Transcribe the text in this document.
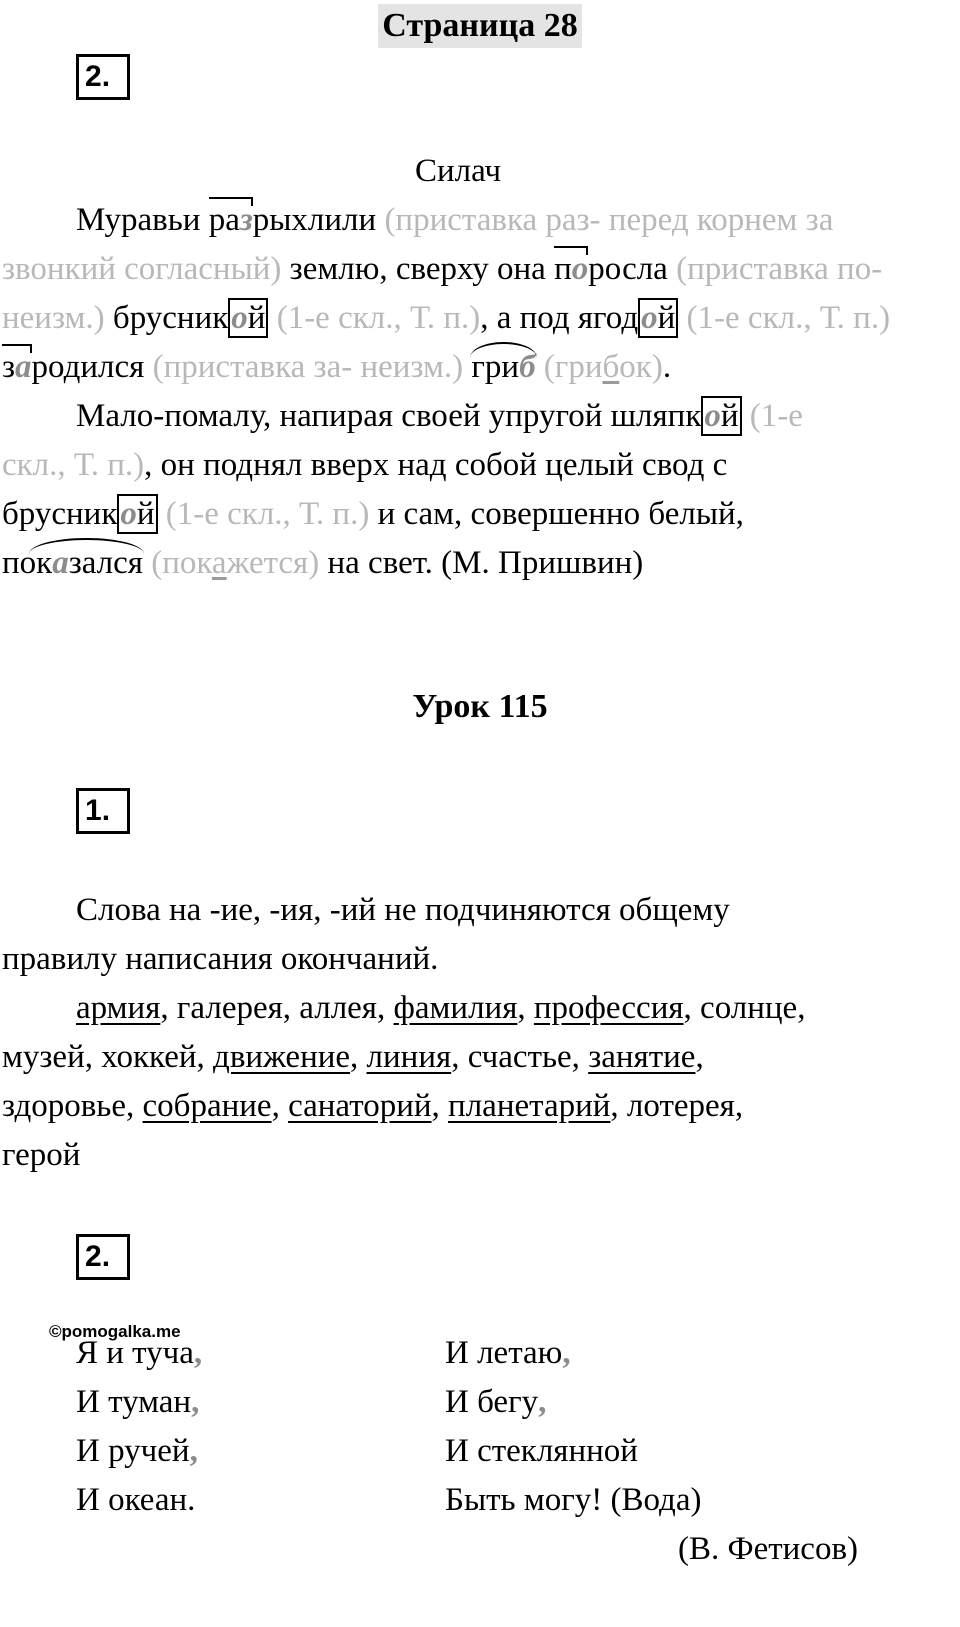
Страница 28
2.
Силач
Муравьи разрыхлили (приставка раз- перед корнем за
звонкий согласный) землю, сверху она поросла (приставка по-
неизм.) брусникой (1-е скл., Т. п.), а под ягодой (1-е скл., Т. п.)
зародился (приставка за- неизм.) гриб (грибок).
Мало-помалу, напирая своей упругой шляпкой (1-е
скл., Т. п.), он поднял вверх над собой целый свод с
брусникой (1-е скл., Т. п.) и сам, совершенно белый,
показался (покажется) на свет. (М. Пришвин)
Урок 115
1.
Слова на -ие, -ия, -ий не подчиняются общему
правилу написания окончаний.
армия, галерея, аллея, фамилия, профессия, солнце,
музей, хоккей, движение, линия, счастье, занятие,
здоровье, собрание, санаторий, планетарий, лотерея,
герой
2.
©pomogalka.me
Я и туча,
И туман,
И ручей,
И океан.
И летаю,
И бегу,
И стеклянной
Быть могу! (Вода)
(В. Фетисов)
